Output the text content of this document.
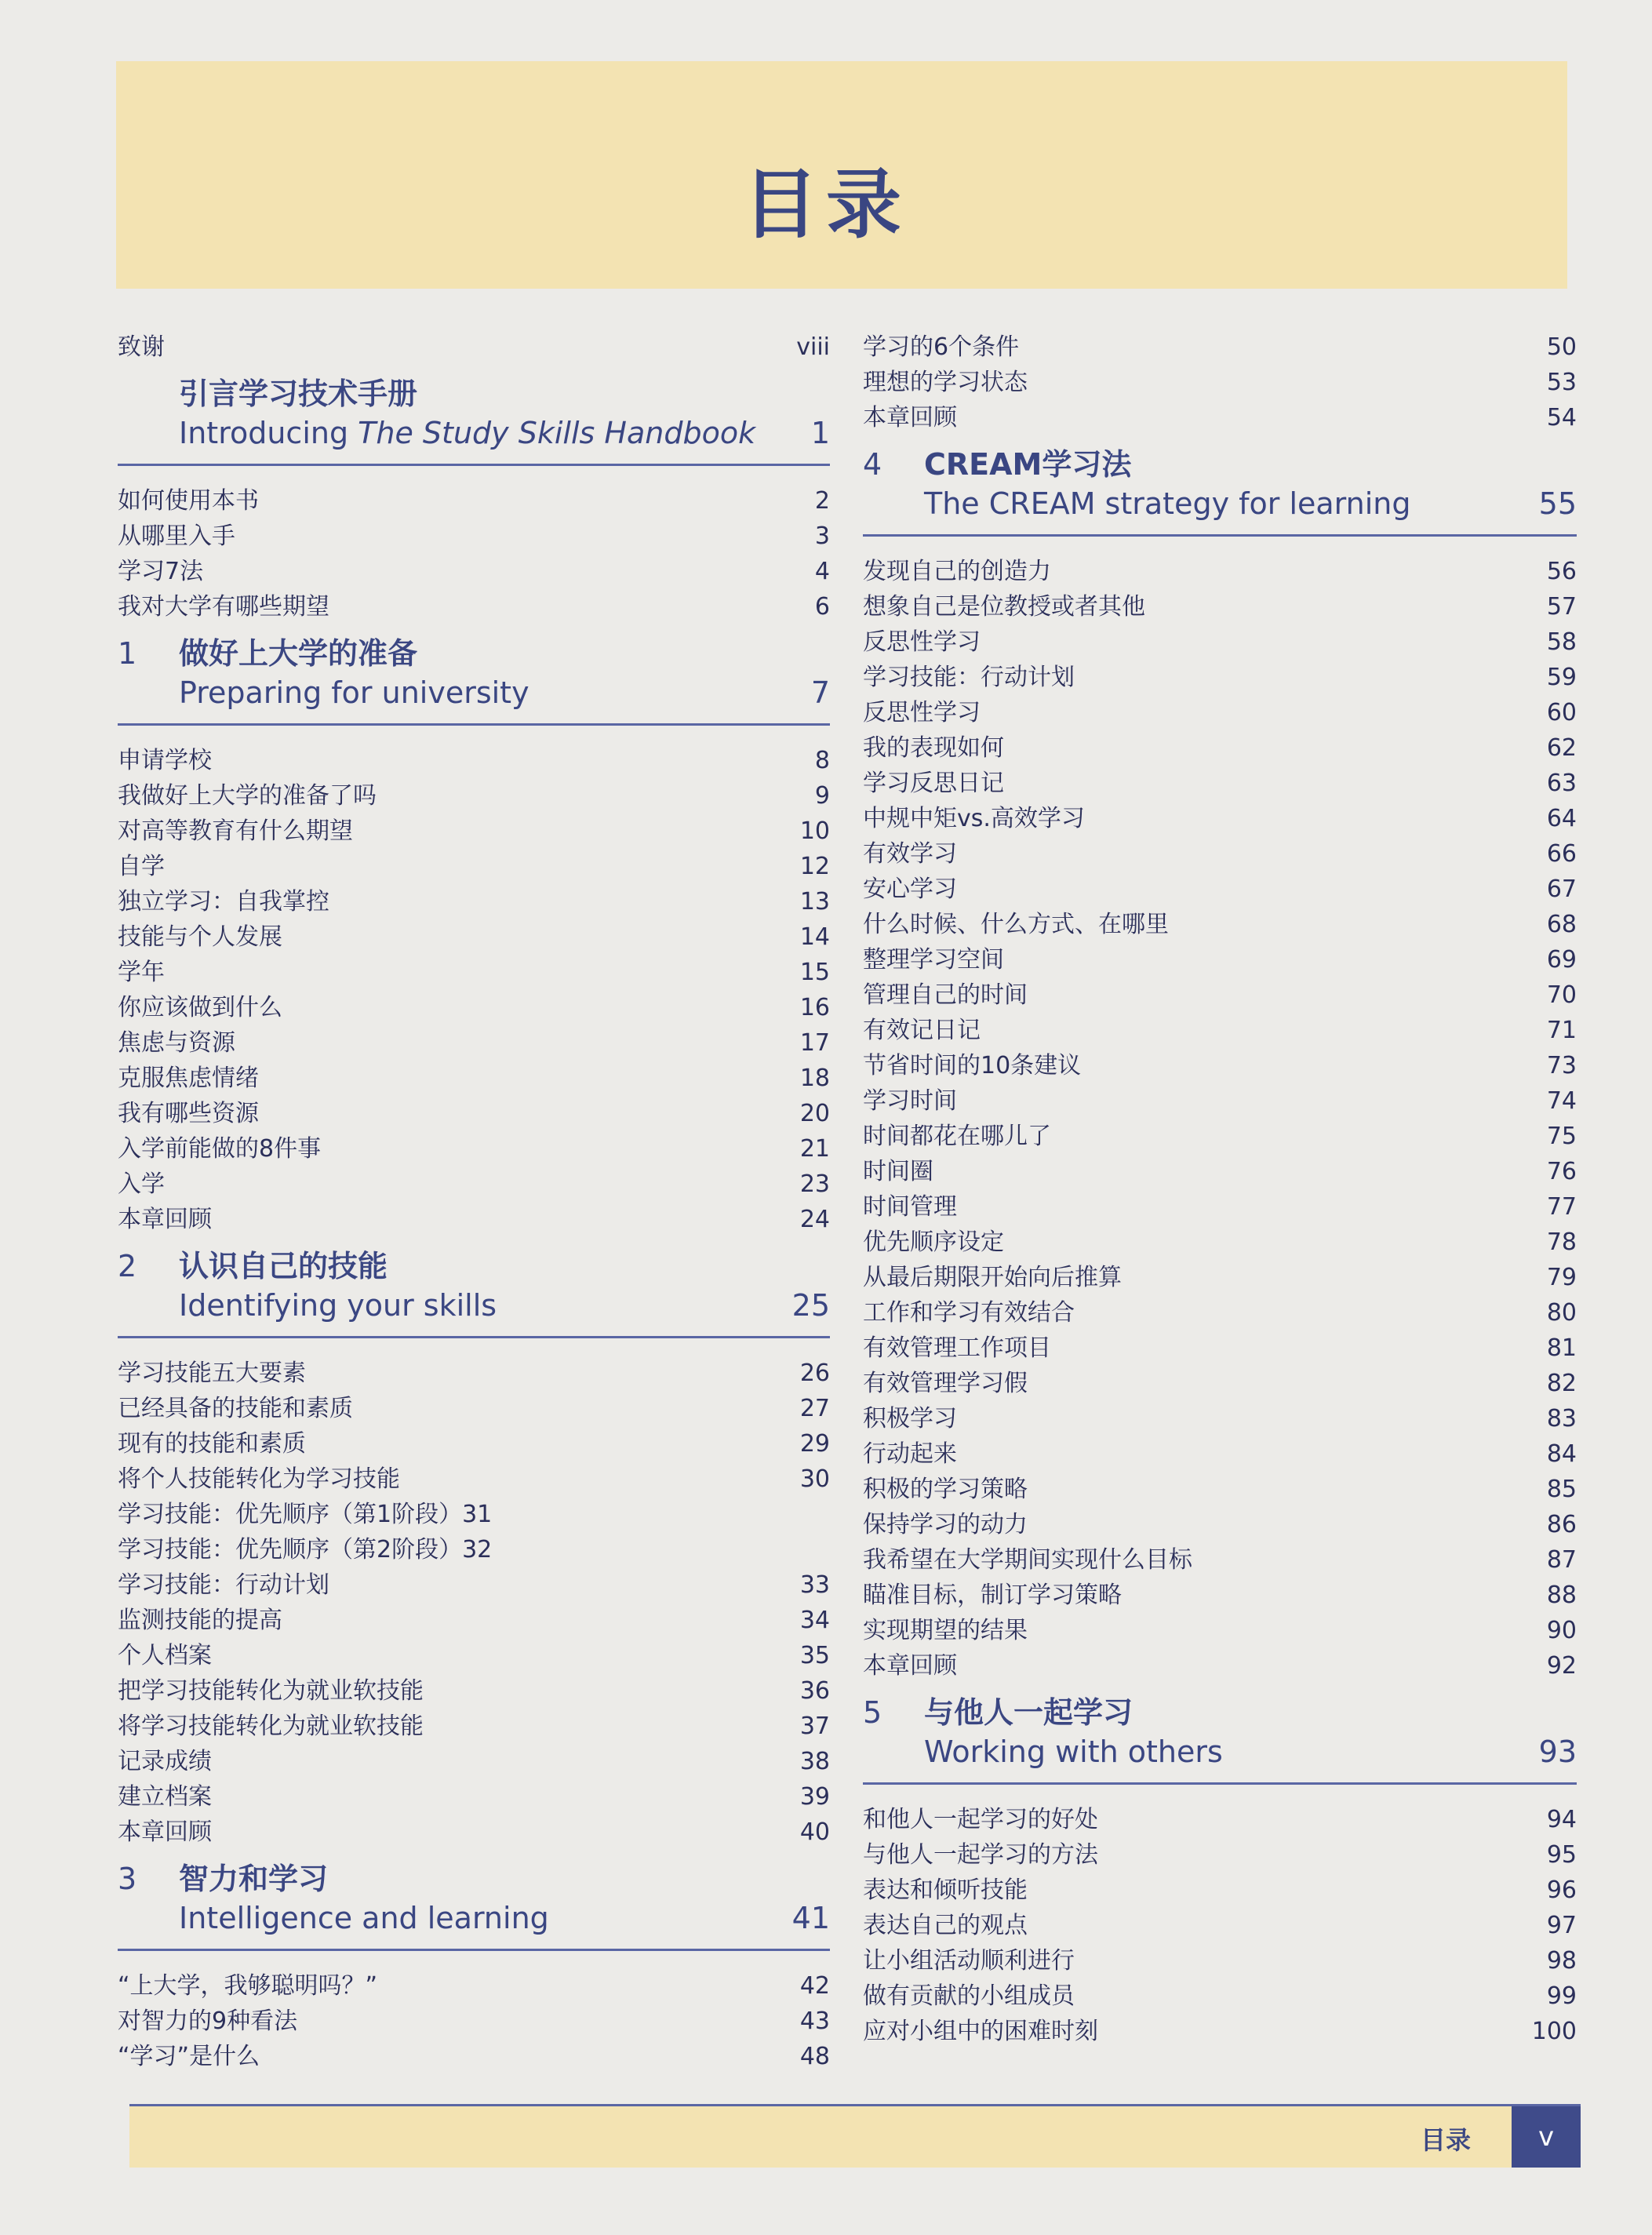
目录
致谢	viii
引言学习技术手册
Introducing The Study Skills Handbook 1
如何使用本书	2
从哪里入手	3
学习7法	4
我对大学有哪些期望	6
1	做好上大学的准备
Preparing for university	7
申请学校	8
我做好上大学的准备了吗	9
对高等教育有什么期望	10
自学	12
独立学习：自我掌控	13
技能与个人发展	14
学年	15
你应该做到什么	16
焦虑与资源	17
克服焦虑情绪	18
我有哪些资源	20
入学前能做的8件事	21
入学	23
本章回顾	24
2	认识自己的技能
Identifying your skills	25
学习技能五大要素	26
已经具备的技能和素质	27
现有的技能和素质	29
将个人技能转化为学习技能	30
学习技能：优先顺序（第1阶段）31
学习技能：优先顺序（第2阶段）32
学习技能：行动计划	33
监测技能的提高	34
个人档案	35
把学习技能转化为就业软技能	36
将学习技能转化为就业软技能	37
记录成绩	38
建立档案	39
本章回顾	40
3	智力和学习
Intelligence and learning	41
“上大学，我够聪明吗？”	42
对智力的9种看法	43
“学习”是什么	48
学习的6个条件	50
理想的学习状态	53
本章回顾	54
4	CREAM学习法
The CREAM strategy for learning	55
发现自己的创造力	56
想象自己是位教授或者其他	57
反思性学习	58
学习技能：行动计划	59
反思性学习	60
我的表现如何	62
学习反思日记	63
中规中矩vs.高效学习	64
有效学习	66
安心学习	67
什么时候、什么方式、在哪里	68
整理学习空间	69
管理自己的时间	70
有效记日记	71
节省时间的10条建议	73
学习时间	74
时间都花在哪儿了	75
时间圈	76
时间管理	77
优先顺序设定	78
从最后期限开始向后推算	79
工作和学习有效结合	80
有效管理工作项目	81
有效管理学习假	82
积极学习	83
行动起来	84
积极的学习策略	85
保持学习的动力	86
我希望在大学期间实现什么目标	87
瞄准目标，制订学习策略	88
实现期望的结果	90
本章回顾	92
5	与他人一起学习
Working with others	93
和他人一起学习的好处	94
与他人一起学习的方法	95
表达和倾听技能	96
表达自己的观点	97
让小组活动顺利进行	98
做有贡献的小组成员	99
应对小组中的困难时刻	100
目录	v
